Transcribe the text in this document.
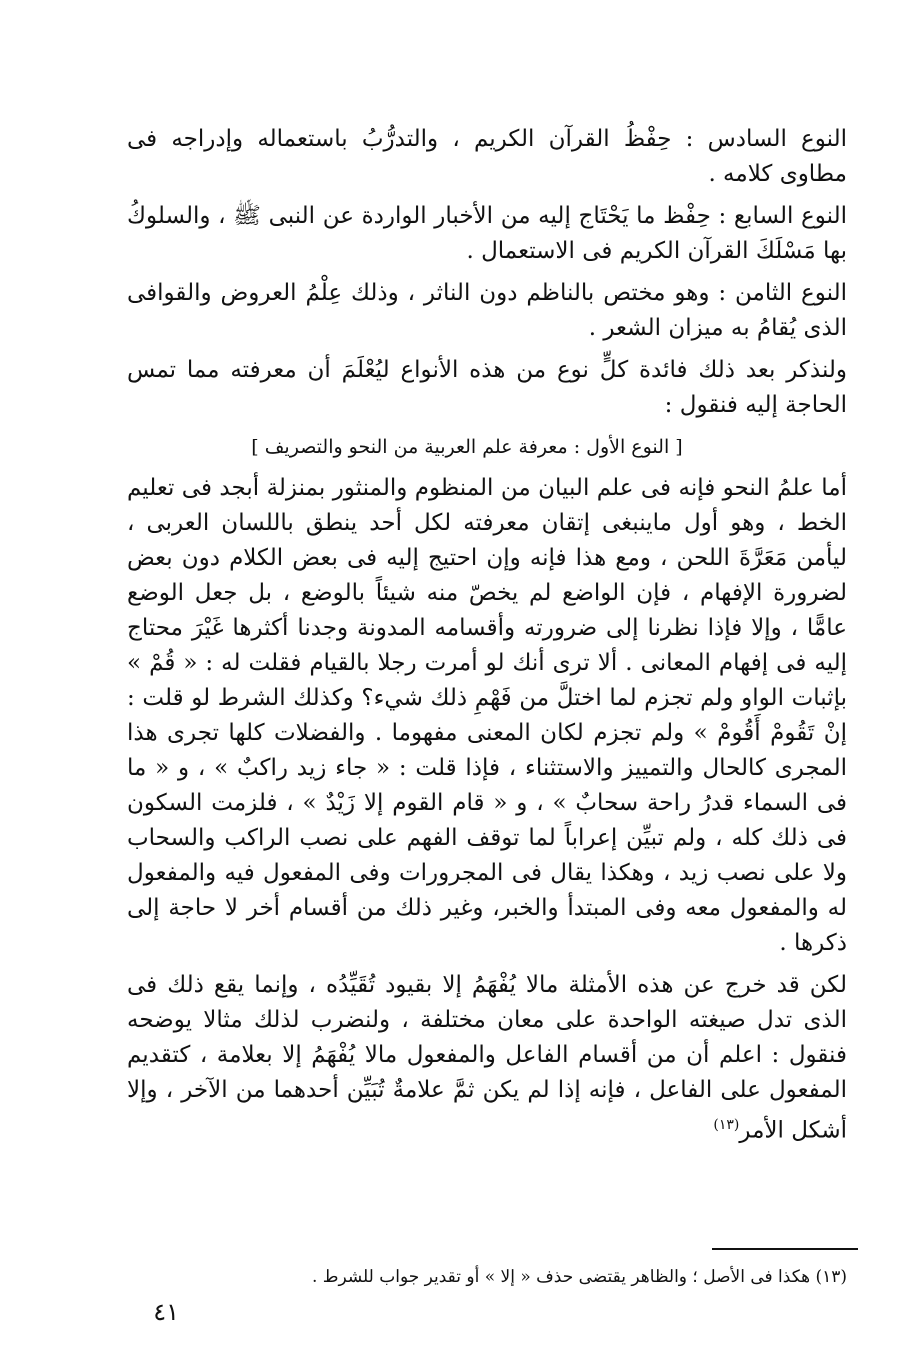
النوع السادس : حِفْظُ القرآن الكريم ، والتدرُّبُ باستعماله وإدراجه فى مطاوى كلامه .

النوع السابع : حِفْظ ما يَحْتَاج إليه من الأخبار الواردة عن النبى ﷺ ، والسلوكُ بها مَسْلَكَ القرآن الكريم فى الاستعمال .

النوع الثامن : وهو مختص بالناظم دون الناثر ، وذلك عِلْمُ العروض والقوافى الذى يُقامُ به ميزان الشعر .

ولنذكر بعد ذلك فائدة كلٍّ نوع من هذه الأنواع ليُعْلَمَ أن معرفته مما تمس الحاجة إليه فنقول :

[ النوع الأول : معرفة علم العربية من النحو والتصريف ]

أما علمُ النحو فإنه فى علم البيان من المنظوم والمنثور بمنزلة أبجد فى تعليم الخط ، وهو أول ماينبغى إتقان معرفته لكل أحد ينطق باللسان العربى ، ليأمن مَعَرَّةَ اللحن ، ومع هذا فإنه وإن احتيج إليه فى بعض الكلام دون بعض لضرورة الإفهام ، فإن الواضع لم يخصّ منه شيئاً بالوضع ، بل جعل الوضع عامًّا ، وإلا فإذا نظرنا إلى ضرورته وأقسامه المدونة وجدنا أكثرها غَيْرَ محتاج إليه فى إفهام المعانى . ألا ترى أنك لو أمرت رجلا بالقيام فقلت له : « قُمْ » بإثبات الواو ولم تجزم لما اختلَّ من فَهْمِ ذلك شيء؟ وكذلك الشرط لو قلت : إنْ تَقُومْ أَقُومْ » ولم تجزم لكان المعنى مفهوما . والفضلات كلها تجرى هذا المجرى كالحال والتمييز والاستثناء ، فإذا قلت : « جاء زيد راكبٌ » ، و « ما فى السماء قدرُ راحة سحابٌ » ، و « قام القوم إلا زَيْدٌ » ، فلزمت السكون فى ذلك كله ، ولم تبيِّن إعراباً لما توقف الفهم على نصب الراكب والسحاب ولا على نصب زيد ، وهكذا يقال فى المجرورات وفى المفعول فيه والمفعول له والمفعول معه وفى المبتدأ والخبر، وغير ذلك من أقسام أخر لا حاجة إلى ذكرها .

لكن قد خرج عن هذه الأمثلة مالا يُفْهَمُ إلا بقيود تُقَيِّدُه ، وإنما يقع ذلك فى الذى تدل صيغته الواحدة على معان مختلفة ، ولنضرب لذلك مثالا يوضحه فنقول : اعلم أن من أقسام الفاعل والمفعول مالا يُفْهَمُ إلا بعلامة ، كتقديم المفعول على الفاعل ، فإنه إذا لم يكن ثمَّ علامةٌ تُبَيِّن أحدهما من الآخر ، وإلا أشكل الأمر$^{(١٣)}$

(١٣) هكذا فى الأصل ؛ والظاهر يقتضى حذف « إلا » أو تقدير جواب للشرط .
٤١
